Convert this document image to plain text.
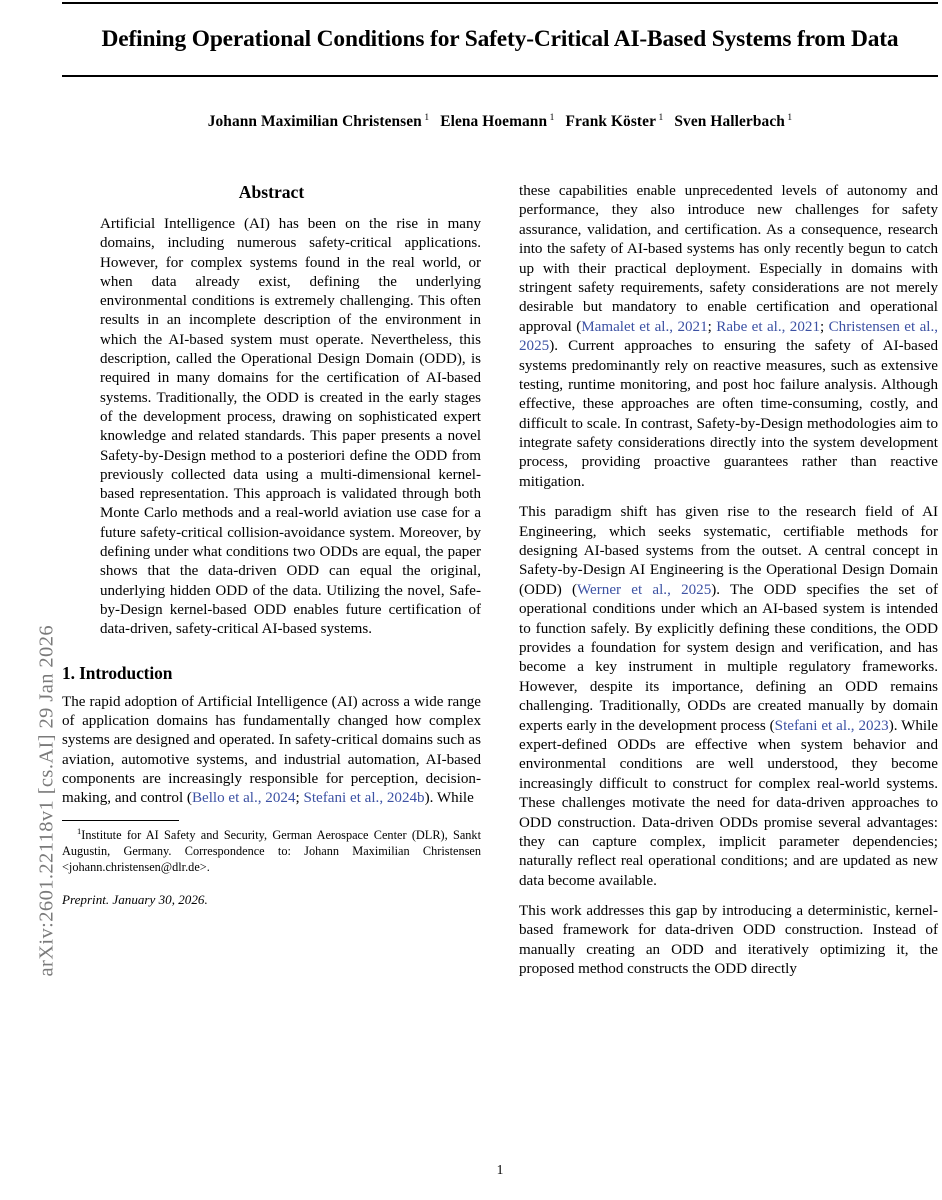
arXiv:2601.22118v1 [cs.AI] 29 Jan 2026
Defining Operational Conditions for Safety-Critical AI-Based Systems from Data
Johann Maximilian Christensen $^1$ Elena Hoemann $^1$ Frank Köster $^1$ Sven Hallerbach $^1$
Abstract

Artificial Intelligence (AI) has been on the rise in many domains, including numerous safety-critical applications. However, for complex systems found in the real world, or when data already exist, defining the underlying environmental conditions is extremely challenging. This often results in an incomplete description of the environment in which the AI-based system must operate. Nevertheless, this description, called the Operational Design Domain (ODD), is required in many domains for the certification of AI-based systems. Traditionally, the ODD is created in the early stages of the development process, drawing on sophisticated expert knowledge and related standards. This paper presents a novel Safety-by-Design method to a posteriori define the ODD from previously collected data using a multi-dimensional kernel-based representation. This approach is validated through both Monte Carlo methods and a real-world aviation use case for a future safety-critical collision-avoidance system. Moreover, by defining under what conditions two ODDs are equal, the paper shows that the data-driven ODD can equal the original, underlying hidden ODD of the data. Utilizing the novel, Safe-by-Design kernel-based ODD enables future certification of data-driven, safety-critical AI-based systems.

1. Introduction

The rapid adoption of Artificial Intelligence (AI) across a wide range of application domains has fundamentally changed how complex systems are designed and operated. In safety-critical domains such as aviation, automotive systems, and industrial automation, AI-based components are increasingly responsible for perception, decision-making, and control (Bello et al., 2024; Stefani et al., 2024b). While

$^1$Institute for AI Safety and Security, German Aerospace Center (DLR), Sankt Augustin, Germany. Correspondence to: Johann Maximilian Christensen <johann.christensen@dlr.de>.

Preprint. January 30, 2026.

these capabilities enable unprecedented levels of autonomy and performance, they also introduce new challenges for safety assurance, validation, and certification. As a consequence, research into the safety of AI-based systems has only recently begun to catch up with their practical deployment. Especially in domains with stringent safety requirements, safety considerations are not merely desirable but mandatory to enable certification and operational approval (Mamalet et al., 2021; Rabe et al., 2021; Christensen et al., 2025). Current approaches to ensuring the safety of AI-based systems predominantly rely on reactive measures, such as extensive testing, runtime monitoring, and post hoc failure analysis. Although effective, these approaches are often time-consuming, costly, and difficult to scale. In contrast, Safety-by-Design methodologies aim to integrate safety considerations directly into the system development process, providing proactive guarantees rather than reactive mitigation.

This paradigm shift has given rise to the research field of AI Engineering, which seeks systematic, certifiable methods for designing AI-based systems from the outset. A central concept in Safety-by-Design AI Engineering is the Operational Design Domain (ODD) (Werner et al., 2025). The ODD specifies the set of operational conditions under which an AI-based system is intended to function safely. By explicitly defining these conditions, the ODD provides a foundation for system design and verification, and has become a key instrument in multiple regulatory frameworks. However, despite its importance, defining an ODD remains challenging. Traditionally, ODDs are created manually by domain experts early in the development process (Stefani et al., 2023). While expert-defined ODDs are effective when system behavior and environmental conditions are well understood, they become increasingly difficult to construct for complex real-world systems. These challenges motivate the need for data-driven approaches to ODD construction. Data-driven ODDs promise several advantages: they can capture complex, implicit parameter dependencies; naturally reflect real operational conditions; and are updated as new data become available.

This work addresses this gap by introducing a deterministic, kernel-based framework for data-driven ODD construction. Instead of manually creating an ODD and iteratively optimizing it, the proposed method constructs the ODD directly

1
